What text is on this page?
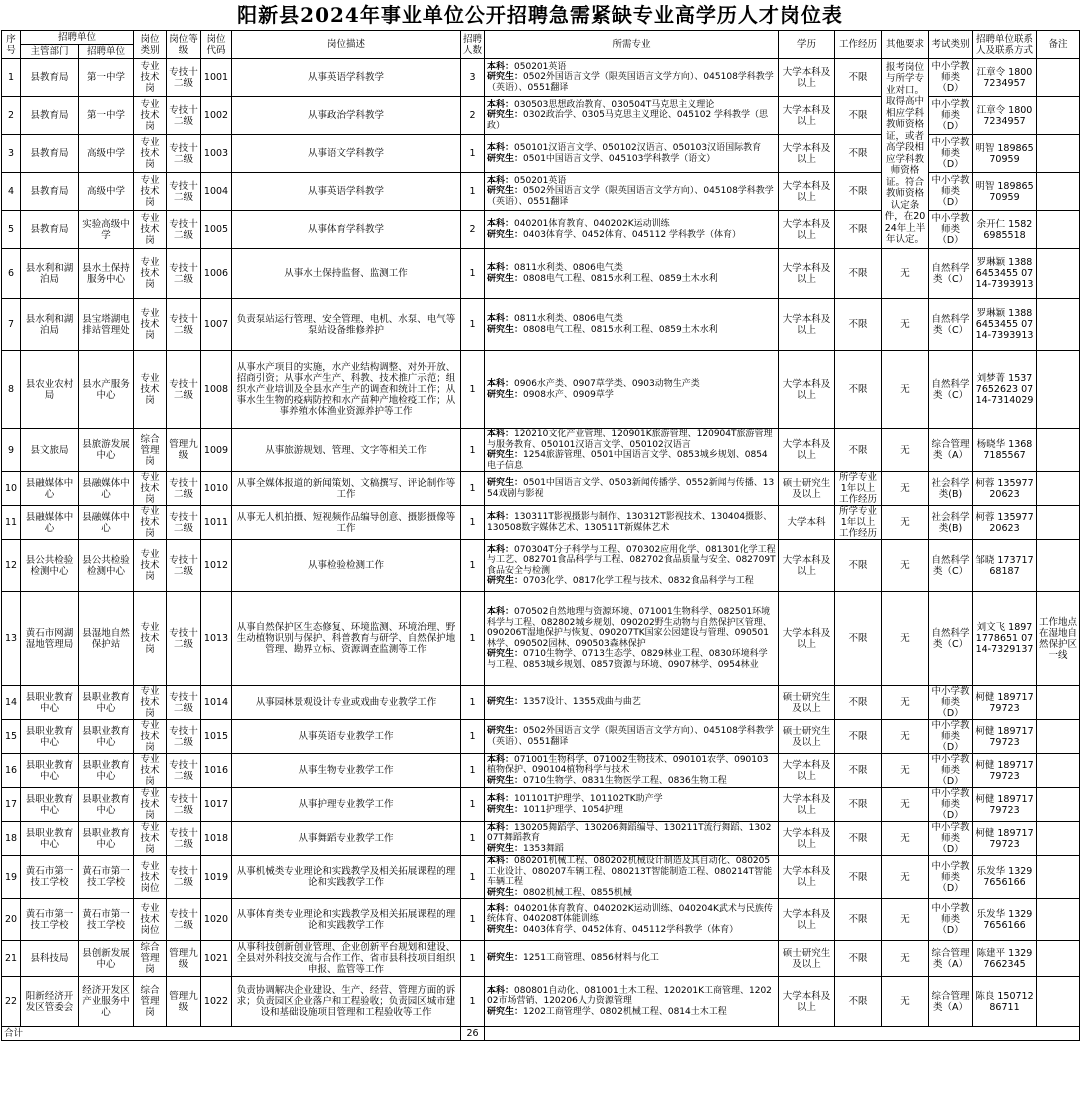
阳新县2024年事业单位公开招聘急需紧缺专业高学历人才岗位表
序号	招聘单位		岗位类别	岗位等级	岗位代码	岗位描述	招聘人数	所需专业	学历	工作经历	其他要求	考试类别	招聘单位联系人及联系方式	备注
	主管部门	招聘单位												
1	县教育局	第一中学	专业技术岗	专技十二级	1001	从事英语学科教学	3	本科：050201英语
研究生：0502外国语言文学（限英国语言文学方向）、045108学科教学（英语）、0551翻译	大学本科及以上	不限	报考岗位与所学专业对口。取得高中相应学科教师资格证，或者高学段相应学科教师资格证。符合教师资格认定条件，在2024年上半年认定。	中小学教师类（D）	江章令 18007234957	
2	县教育局	第一中学	专业技术岗	专技十二级	1002	从事政治学科教学	2	本科：030503思想政治教育、030504T马克思主义理论
研究生：0302政治学、0305马克思主义理论、045102 学科教学（思政）	大学本科及以上	不限		中小学教师类（D）	江章令 18007234957	
3	县教育局	高级中学	专业技术岗	专技十二级	1003	从事语文学科教学	1	本科：050101汉语言文学、050102汉语言、050103汉语国际教育
研究生：0501中国语言文学、045103学科教学（语文）	大学本科及以上	不限		中小学教师类（D）	明智 18986570959	
4	县教育局	高级中学	专业技术岗	专技十二级	1004	从事英语学科教学	1	本科：050201英语
研究生：0502外国语言文学（限英国语言文学方向）、045108学科教学（英语）、0551翻译	大学本科及以上	不限		中小学教师类（D）	明智 18986570959	
5	县教育局	实验高级中学	专业技术岗	专技十二级	1005	从事体育学科教学	2	本科：040201体育教育、040202K运动训练
研究生：0403体育学、0452体育、045112 学科教学（体育）	大学本科及以上	不限		中小学教师类（D）	余开仁 15826985518	
6	县水利和湖泊局	县水土保持服务中心	专业技术岗	专技十二级	1006	从事水土保持监督、监测工作	1	本科：0811水利类、0806电气类
研究生：0808电气工程、0815水利工程、0859土木水利	大学本科及以上	不限	无	自然科学类（C）	罗琳颖 13886453455 0714-7393913	
7	县水利和湖泊局	县宝塔湖电排站管理处	专业技术岗	专技十二级	1007	负责泵站运行管理、安全管理、电机、水泵、电气等泵站设备维修养护	1	本科：0811水利类、0806电气类
研究生：0808电气工程、0815水利工程、0859土木水利	大学本科及以上	不限	无	自然科学类（C）	罗琳颖 13886453455 0714-7393913	
8	县农业农村局	县水产服务中心	专业技术岗	专技十二级	1008	从事水产项目的实施，水产业结构调整、对外开放、招商引资；从事水产生产、科教、技术推广示范；组织水产业培训及全县水产生产的调查和统计工作；从事水生生物的疫病防控和水产苗种产地检疫工作；从事养殖水体渔业资源养护等工作	1	本科：0906水产类、0907草学类、0903动物生产类
研究生：0908水产、0909草学	大学本科及以上	不限	无	自然科学类（C）	刘梦菁 15377652623 0714-7314029	
9	县文旅局	县旅游发展中心	综合管理岗	管理九级	1009	从事旅游规划、管理、文字等相关工作	1	本科：120210文化产业管理、120901K旅游管理、120904T旅游管理与服务教育、050101汉语言文学、050102汉语言
研究生：1254旅游管理、0501中国语言文学、0853城乡规划、0854电子信息	大学本科及以上	不限	无	综合管理类（A）	杨晓华 13687185567	
10	县融媒体中心	县融媒体中心	专业技术岗	专技十二级	1010	从事全媒体报道的新闻策划、文稿撰写、评论制作等工作	1	研究生：0501中国语言文学、0503新闻传播学、0552新闻与传播、1354戏剧与影视	硕士研究生及以上	所学专业1年以上工作经历	无	社会科学类(B)	柯蓉 13597720623	
11	县融媒体中心	县融媒体中心	专业技术岗	专技十二级	1011	从事无人机拍摄、短视频作品编导创意、摄影摄像等工作	1	本科：130311T影视摄影与制作、130312T影视技术、130404摄影、130508数字媒体艺术、130511T新媒体艺术	大学本科	所学专业1年以上工作经历	无	社会科学类(B)	柯蓉 13597720623	
12	县公共检验检测中心	县公共检验检测中心	专业技术岗	专技十二级	1012	从事检验检测工作	1	本科：070304T分子科学与工程、070302应用化学、081301化学工程与工艺、082701食品科学与工程、082702食品质量与安全、082709T食品安全与检测
研究生：0703化学、0817化学工程与技术、0832食品科学与工程	大学本科及以上	不限	无	自然科学类（C）	邹晓 17371768187	
13	黄石市网湖湿地管理局	县湿地自然保护站	专业技术岗	专技十二级	1013	从事自然保护区生态修复、环境监测、环境治理、野生动植物识别与保护、科普教育与研学、自然保护地管理、勘界立标、资源调查监测等工作	1	本科：070502自然地理与资源环境、071001生物科学、082501环境科学与工程、082802城乡规划、090202野生动物与自然保护区管理、090206T湿地保护与恢复、090207TK国家公园建设与管理、090501林学、090502园林、090503森林保护
研究生：0710生物学、0713生态学、0829林业工程、0830环境科学与工程、0853城乡规划、0857资源与环境、0907林学、0954林业	大学本科及以上	不限	无	自然科学类（C）	刘文飞 18971778651 0714-7329137	工作地点在湿地自然保护区一线
14	县职业教育中心	县职业教育中心	专业技术岗	专技十二级	1014	从事园林景观设计专业或戏曲专业教学工作	1	研究生：1357设计、1355戏曲与曲艺	硕士研究生及以上	不限	无	中小学教师类（D）	柯健 18971779723	
15	县职业教育中心	县职业教育中心	专业技术岗	专技十二级	1015	从事英语专业教学工作	1	研究生：0502外国语言文学（限英国语言文学方向）、045108学科教学（英语）、0551翻译	硕士研究生及以上	不限	无	中小学教师类（D）	柯健 18971779723	
16	县职业教育中心	县职业教育中心	专业技术岗	专技十二级	1016	从事生物专业教学工作	1	本科：071001生物科学、071002生物技术、090101农学、090103植物保护、090104植物科学与技术
研究生：0710生物学、0831生物医学工程、0836生物工程	大学本科及以上	不限	无	中小学教师类（D）	柯健 18971779723	
17	县职业教育中心	县职业教育中心	专业技术岗	专技十二级	1017	从事护理专业教学工作	1	本科：101101T护理学、101102TK助产学
研究生：1011护理学、1054护理	大学本科及以上	不限	无	中小学教师类（D）	柯健 18971779723	
18	县职业教育中心	县职业教育中心	专业技术岗	专技十二级	1018	从事舞蹈专业教学工作	1	本科：130205舞蹈学、130206舞蹈编导、130211T流行舞蹈、130207T舞蹈教育
研究生：1353舞蹈	大学本科及以上	不限	无	中小学教师类（D）	柯健 18971779723	
19	黄石市第一技工学校	黄石市第一技工学校	专业技术岗位	专技十二级	1019	从事机械类专业理论和实践教学及相关拓展课程的理论和实践教学工作	1	本科：080201机械工程、080202机械设计制造及其自动化、080205工业设计、080207车辆工程、080213T智能制造工程、080214T智能车辆工程
研究生：0802机械工程、0855机械	大学本科及以上	不限	无	中小学教师类（D）	乐发华 13297656166	
20	黄石市第一技工学校	黄石市第一技工学校	专业技术岗位	专技十二级	1020	从事体育类专业理论和实践教学及相关拓展课程的理论和实践教学工作	1	本科：040201体育教育、040202K运动训练、040204K武术与民族传统体育、040208T体能训练
研究生：0403体育学、0452体育、045112学科教学（体育）	大学本科及以上	不限	无	中小学教师类（D）	乐发华 13297656166	
21	县科技局	县创新发展中心	综合管理岗	管理九级	1021	从事科技创新创业管理、企业创新平台规划和建设、全县对外科技交流与合作工作、省市县科技项目组织申报、监管等工作	1	研究生：1251工商管理、0856材料与化工	硕士研究生及以上	不限	无	综合管理类（A）	陈建平 13297662345	
22	阳新经济开发区管委会	经济开发区产业服务中心	综合管理岗	管理九级	1022	负责协调解决企业建设、生产、经营、管理方面的诉求；负责园区企业落户和工程验收；负责园区城市建设和基础设施项目管理和工程验收等工作	1	本科：080801自动化、081001土木工程、120201K工商管理、120202市场营销、120206人力资源管理
研究生：1202工商管理学、0802机械工程、0814土木工程	大学本科及以上	不限	无	综合管理类（A）	陈良 15071286711	
合计							26							
